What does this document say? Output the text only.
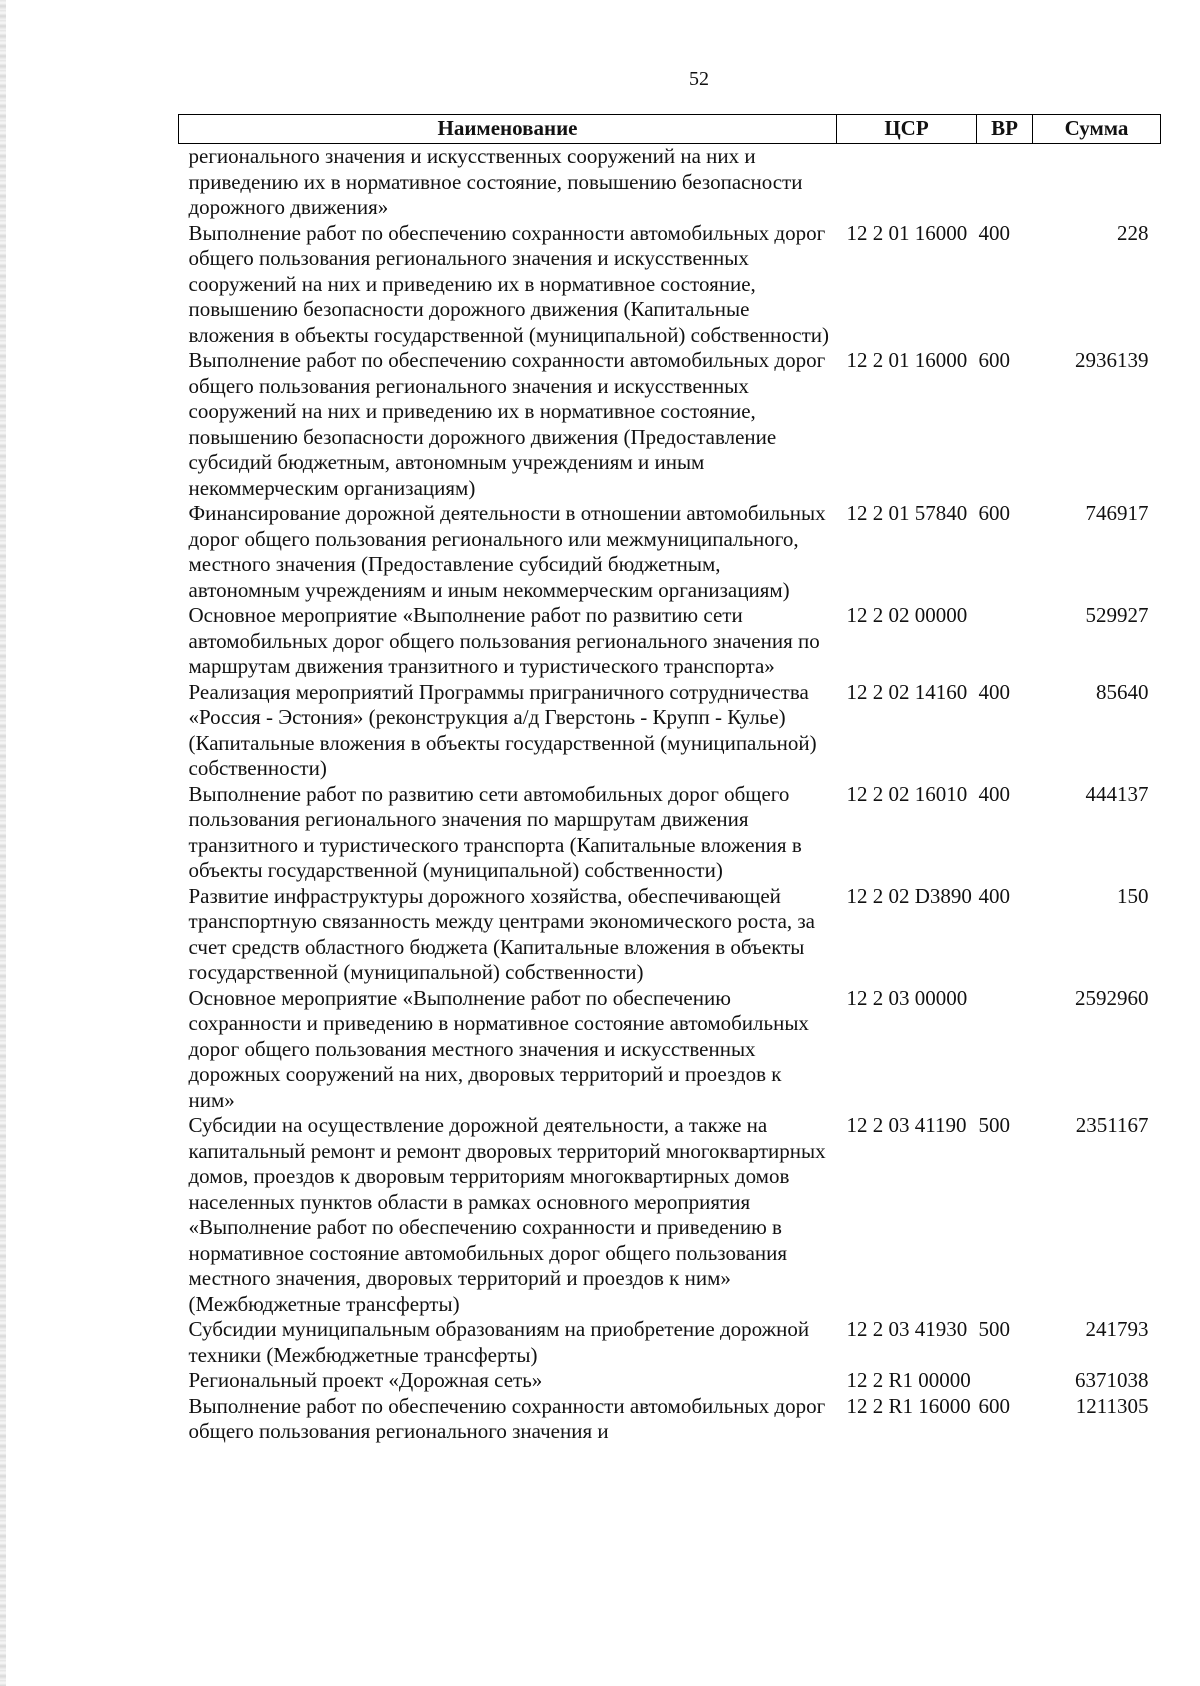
52
Наименование	ЦСР	ВР	Сумма
регионального значения и искусственных сооружений на них и приведению их в нормативное состояние, повышению безопасности дорожного движения»			
Выполнение работ по обеспечению сохранности автомобильных дорог общего пользования регионального значения и искусственных сооружений на них и приведению их в нормативное состояние, повышению безопасности дорожного движения (Капитальные вложения в объекты государственной (муниципальной) собственности)	12 2 01 16000	400	228
Выполнение работ по обеспечению сохранности автомобильных дорог общего пользования регионального значения и искусственных сооружений на них и приведению их в нормативное состояние, повышению безопасности дорожного движения (Предоставление субсидий бюджетным, автономным учреждениям и иным некоммерческим организациям)	12 2 01 16000	600	2936139
Финансирование дорожной деятельности в отношении автомобильных дорог общего пользования регионального или межмуниципального, местного значения (Предоставление субсидий бюджетным, автономным учреждениям и иным некоммерческим организациям)	12 2 01 57840	600	746917
Основное мероприятие «Выполнение работ по развитию сети автомобильных дорог общего пользования регионального значения по маршрутам движения транзитного и туристического транспорта»	12 2 02 00000		529927
Реализация мероприятий Программы приграничного сотрудничества «Россия - Эстония» (реконструкция а/д Гверстонь - Крупп - Кулье) (Капитальные вложения в объекты государственной (муниципальной) собственности)	12 2 02 14160	400	85640
Выполнение работ по развитию сети автомобильных дорог общего пользования регионального значения по маршрутам движения транзитного и туристического транспорта (Капитальные вложения в объекты государственной (муниципальной) собственности)	12 2 02 16010	400	444137
Развитие инфраструктуры дорожного хозяйства, обеспечивающей транспортную связанность между центрами экономического роста, за счет средств областного бюджета (Капитальные вложения в объекты государственной (муниципальной) собственности)	12 2 02 D3890	400	150
Основное мероприятие «Выполнение работ по обеспечению сохранности и приведению в нормативное состояние автомобильных дорог общего пользования местного значения и искусственных дорожных сооружений на них, дворовых территорий и проездов к ним»	12 2 03 00000		2592960
Субсидии на осуществление дорожной деятельности, а также на капитальный ремонт и ремонт дворовых территорий многоквартирных домов, проездов к дворовым территориям многоквартирных домов населенных пунктов области в рамках основного мероприятия «Выполнение работ по обеспечению сохранности и приведению в нормативное состояние автомобильных дорог общего пользования местного значения, дворовых территорий и проездов к ним» (Межбюджетные трансферты)	12 2 03 41190	500	2351167
Субсидии муниципальным образованиям на приобретение дорожной техники (Межбюджетные трансферты)	12 2 03 41930	500	241793
Региональный проект «Дорожная сеть»	12 2 R1 00000		6371038
Выполнение работ по обеспечению сохранности автомобильных дорог общего пользования регионального значения и	12 2 R1 16000	600	1211305
